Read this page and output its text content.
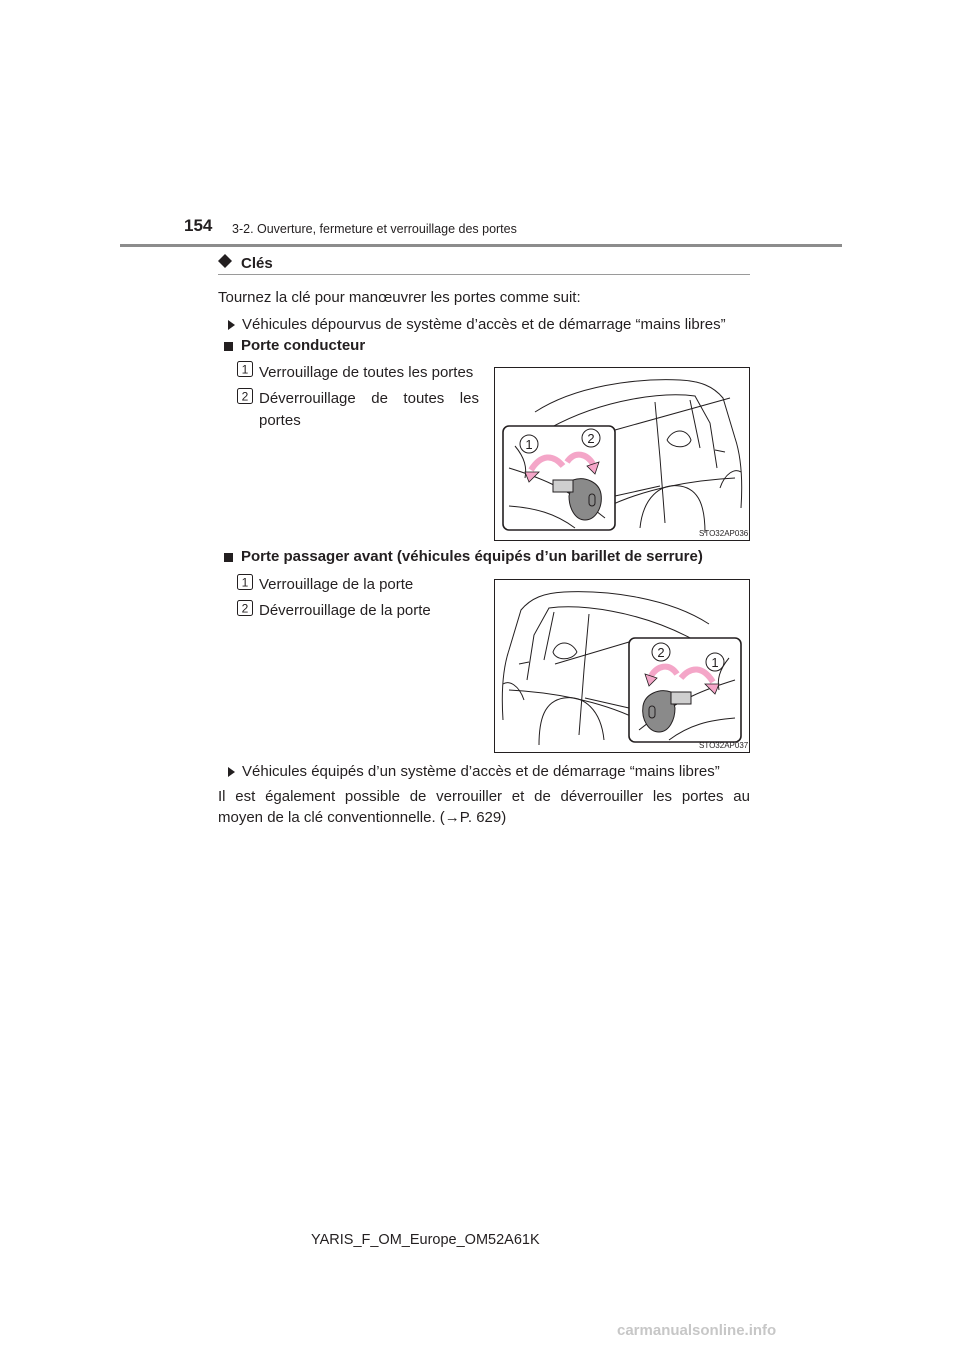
154 3-2. Ouverture, fermeture et verrouillage des portes
Clés
Tournez la clé pour manœuvrer les portes comme suit:
Véhicules dépourvus de système d’accès et de démarrage “mains libres”
Porte conducteur
1 Verrouillage de toutes les portes
2 Déverrouillage de toutes les
portes
1	2
STO32AP036
Porte passager avant (véhicules équipés d’un barillet de serrure)
1 Verrouillage de la porte
2 Déverrouillage de la porte
1
2
STO32AP037
Véhicules équipés d’un système d’accès et de démarrage “mains libres”
Il est également possible de verrouiller et de déverrouiller les portes au
moyen de la clé conventionnelle. (→P. 629)
YARIS_F_OM_Europe_OM52A61K
carmanualsonline.info
